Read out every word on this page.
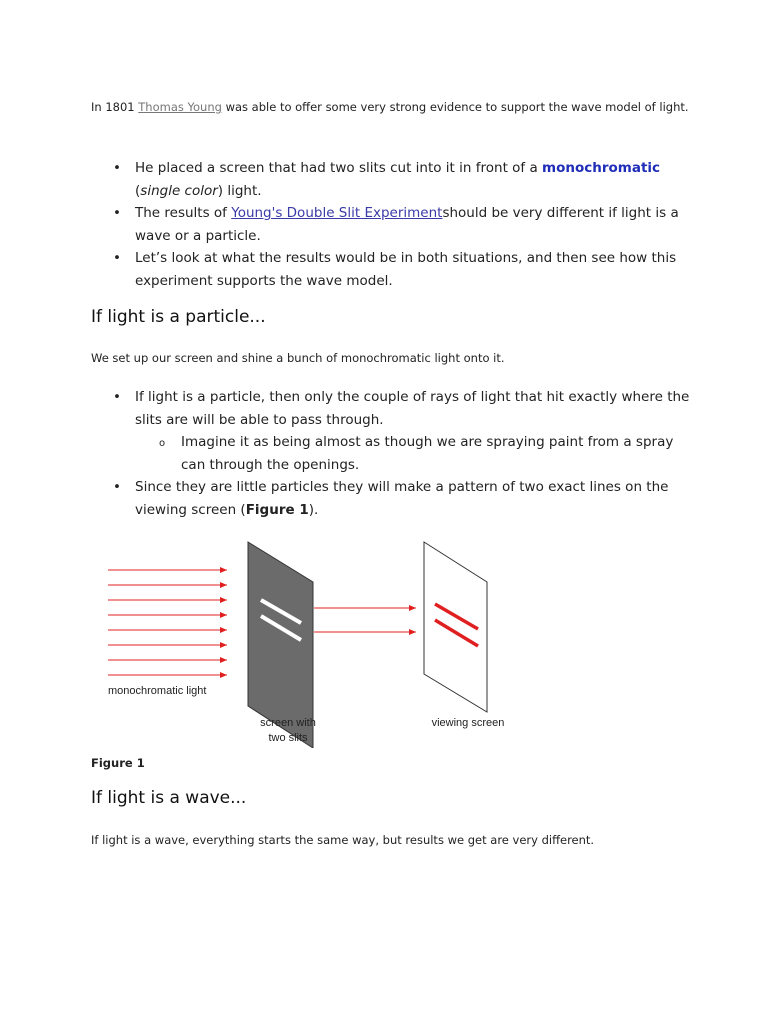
In 1801 Thomas Young was able to offer some very strong evidence to support the wave model of light.

• He placed a screen that had two slits cut into it in front of a monochromatic (single color) light.
• The results of Young's Double Slit Experimentshould be very different if light is a wave or a particle.
• Let’s look at what the results would be in both situations, and then see how this experiment supports the wave model.
If light is a particle...

We set up our screen and shine a bunch of monochromatic light onto it.

• If light is a particle, then only the couple of rays of light that hit exactly where the slits are will be able to pass through.
o Imagine it as being almost as though we are spraying paint from a spray can through the openings.
• Since they are little particles they will make a pattern of two exact lines on the viewing screen (Figure 1).
monochromatic light
screen with
two slits
viewing screen
Figure 1
If light is a wave...

If light is a wave, everything starts the same way, but results we get are very different.
